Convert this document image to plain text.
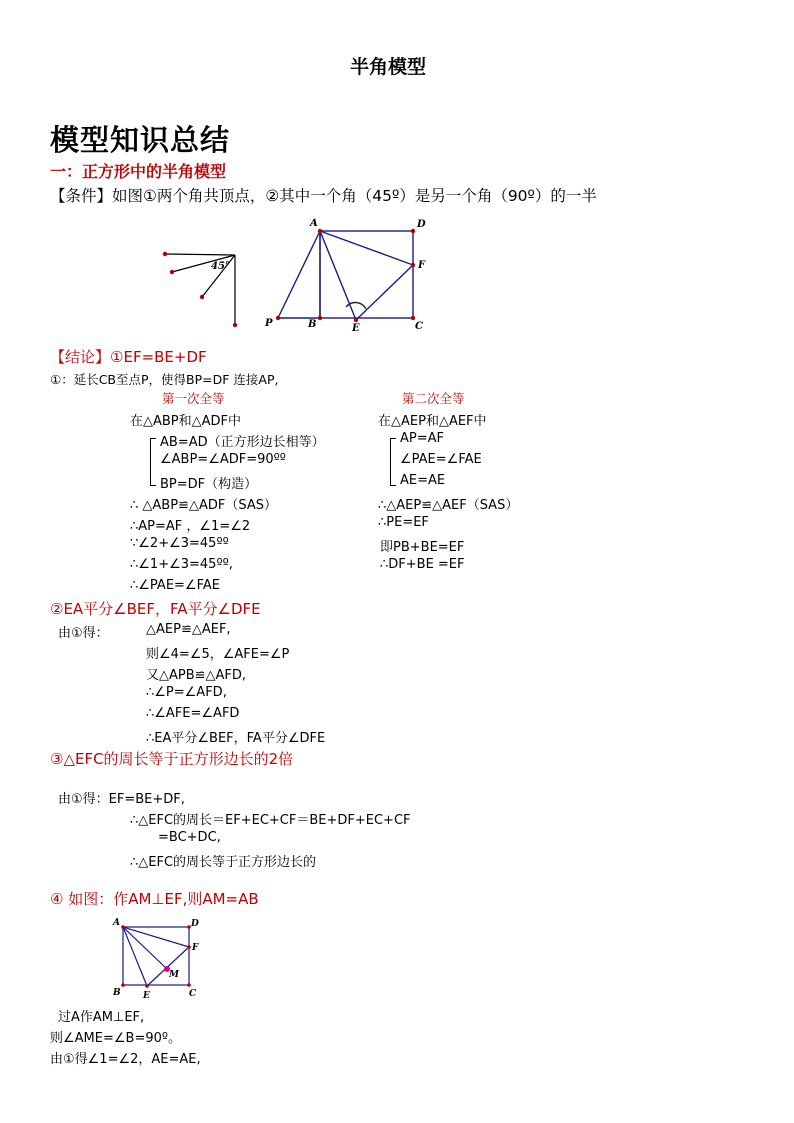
半角模型
模型知识总结
一：正方形中的半角模型
【条件】如图①两个角共顶点，②其中一个角（45º）是另一个角（90º）的一半
45°
A	D
F
P	B	E	C
【结论】①EF=BE+DF
①：延长CB至点P，使得BP=DF 连接AP,
第一次全等	第二次全等
在△ABP和△ADF中
AB=AD（正方形边长相等）
∠ABP=∠ADF=90ºº
BP=DF（构造）
∴ △ABP≌△ADF（SAS）
∴AP=AF ，∠1=∠2
∵∠2+∠3=45ºº
∴∠1+∠3=45ºº,
∴∠PAE=∠FAE
在△AEP和△AEF中
AP=AF
∠PAE=∠FAE
AE=AE
∴△AEP≌△AEF（SAS）
∴PE=EF
即PB+BE=EF
∴DF+BE =EF
②EA平分∠BEF，FA平分∠DFE
由①得：	△AEP≌△AEF,
则∠4=∠5，∠AFE=∠P
又△APB≌△AFD,
∴∠P=∠AFD,
∴∠AFE=∠AFD
∴EA平分∠BEF，FA平分∠DFE
③△EFC的周长等于正方形边长的2倍
由①得：EF=BE+DF,
∴△EFC的周长＝EF+EC+CF＝BE+DF+EC+CF
=BC+DC,
∴△EFC的周长等于正方形边长的
④ 如图：作AM⊥EF,则AM=AB
A	D
F
M
B E	C
过A作AM⊥EF,
则∠AME=∠B=90º。
由①得∠1=∠2，AE=AE,
